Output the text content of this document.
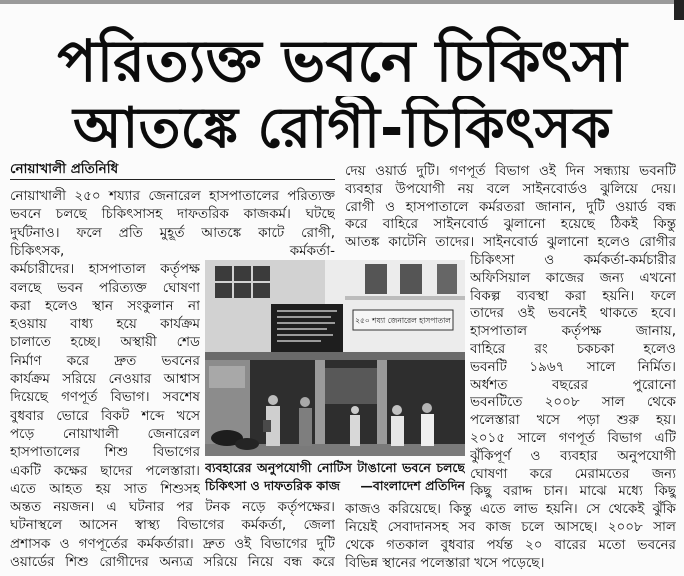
পরিত্যক্ত ভবনে চিকিৎসা
আতঙ্কে রোগী-চিকিৎসক
নোয়াখালী প্রতিনিধি
নোয়াখালী ২৫০ শয্যার জেনারেল হাসপাতালের পরিত্যক্ত
ভবনে চলছে চিকিৎসাসহ দাফতরিক কাজকর্ম। ঘটছে
দুর্ঘটনাও। ফলে প্রতি মুহূর্ত আতঙ্কে কাটে রোগী,
চিকিৎসক, কর্মকর্তা-
কর্মচারীদের। হাসপাতাল কর্তৃপক্ষ
বলছে ভবন পরিত্যক্ত ঘোষণা
করা হলেও স্থান সংকুলান না
হওয়ায় বাধ্য হয়ে কার্যক্রম
চালাতে হচ্ছে। অস্থায়ী শেড
নির্মাণ করে দ্রুত ভবনের
কার্যক্রম সরিয়ে নেওয়ার আশ্বাস
দিয়েছে গণপূর্ত বিভাগ। সবশেষ
বুধবার ভোরে বিকট শব্দে খসে
পড়ে নোয়াখালী জেনারেল
হাসপাতালের শিশু বিভাগের
একটি কক্ষের ছাদের পলেস্তারা।
এতে আহত হয় সাত শিশুসহ
অন্তত নয়জন। এ ঘটনার পর টনক নড়ে কর্তৃপক্ষের।
ঘটনাস্থলে আসেন স্বাস্থ্য বিভাগের কর্মকর্তা, জেলা
প্রশাসক ও গণপূর্তের কর্মকর্তারা। দ্রুত ওই বিভাগের দুটি
ওয়ার্ডের শিশু রোগীদের অন্যত্র সরিয়ে নিয়ে বন্ধ করে
দেয় ওয়ার্ড দুটি। গণপূর্ত বিভাগ ওই দিন সন্ধ্যায় ভবনটি
ব্যবহার উপযোগী নয় বলে সাইনবোর্ডও ঝুলিয়ে দেয়।
রোগী ও হাসপাতালে কর্মরতরা জানান, দুটি ওয়ার্ড বন্ধ
করে বাহিরে সাইনবোর্ড ঝুলানো হয়েছে ঠিকই কিন্তু
আতঙ্ক কাটেনি তাদের। সাইনবোর্ড ঝুলানো হলেও রোগীর
চিকিৎসা ও কর্মকর্তা-কর্মচারীর
অফিসিয়াল কাজের জন্য এখনো
বিকল্প ব্যবস্থা করা হয়নি। ফলে
তাদের ওই ভবনেই থাকতে হবে।
হাসপাতাল কর্তৃপক্ষ জানায়,
বাহিরে রং চকচকা হলেও
ভবনটি ১৯৬৭ সালে নির্মিত।
অর্ধশত বছরের পুরোনো
ভবনটিতে ২০০৮ সাল থেকে
পলেস্তারা খসে পড়া শুরু হয়।
২০১৫ সালে গণপূর্ত বিভাগ এটি
ঝুঁকিপূর্ণ ও ব্যবহার অনুপযোগী
ঘোষণা করে মেরামতের জন্য
কিছু বরাদ্দ চান। মাঝে মধ্যে কিছু
কাজও করিয়েছে। কিন্তু এতে লাভ হয়নি। সে থেকেই ঝুঁকি
নিয়েই সেবাদানসহ সব কাজ চলে আসছে। ২০০৮ সাল
থেকে গতকাল বুধবার পর্যন্ত ২০ বারের মতো ভবনের
বিভিন্ন স্থানের পলেস্তারা খসে পড়েছে।
২৫০ শয্যা জেনারেল হাসপাতাল
ব্যবহারের অনুপযোগী নোটিস টাঙানো ভবনে চলছে
চিকিৎসা ও দাফতরিক কাজ —বাংলাদেশ প্রতিদিন
